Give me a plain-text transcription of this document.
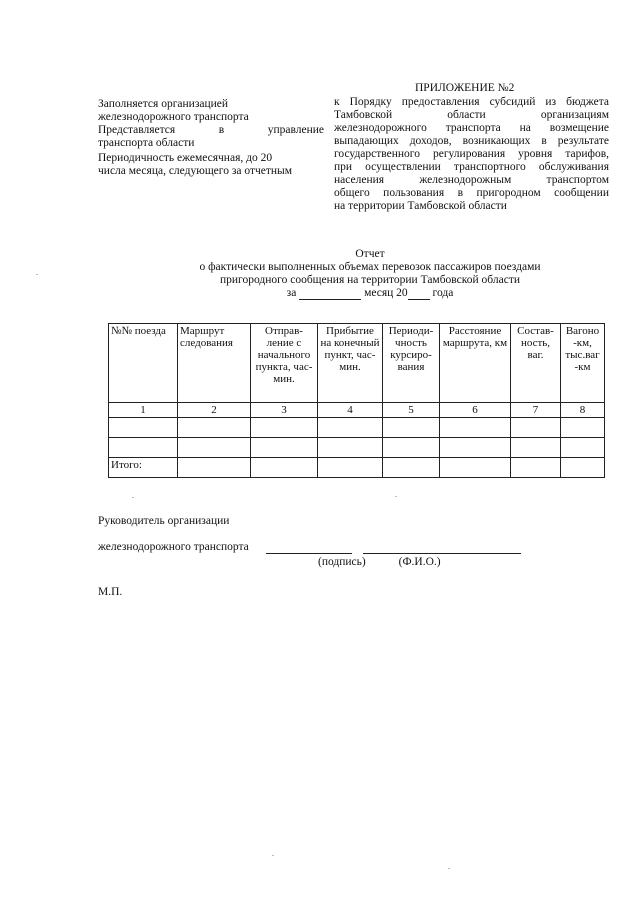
ПРИЛОЖЕНИЕ №2
Заполняется организацией
железнодорожного транспорта
Представляется	в	управление
транспорта области
Периодичность ежемесячная, до 20
числа месяца, следующего за отчетным
к Порядку предоставления субсидий из бюджета
Тамбовской области организациям
железнодорожного транспорта на возмещение
выпадающих доходов, возникающих в результате
государственного регулирования уровня тарифов,
при осуществлении транспортного обслуживания
населения железнодорожным транспортом
общего пользования в пригородном сообщении
на территории Тамбовской области
Отчет
о фактически выполненных объемах перевозок пассажиров поездами
пригородного сообщения на территории Тамбовской области
за	месяц 20 года
№№ поезда	Маршрут следования	Отправ- ление с начального пункта, час-мин.	Прибытие на конечный пункт, час-мин.	Периоди- чность курсиро- вания	Расстояние маршрута, км	Состав- ность, ваг.	Вагоно -км, тыс.ваг -км
1	2	3	4	5	6	7	8

Итого:							
Руководитель организации
железнодорожного транспорта
(подпись)	(Ф.И.О.)
М.П.
